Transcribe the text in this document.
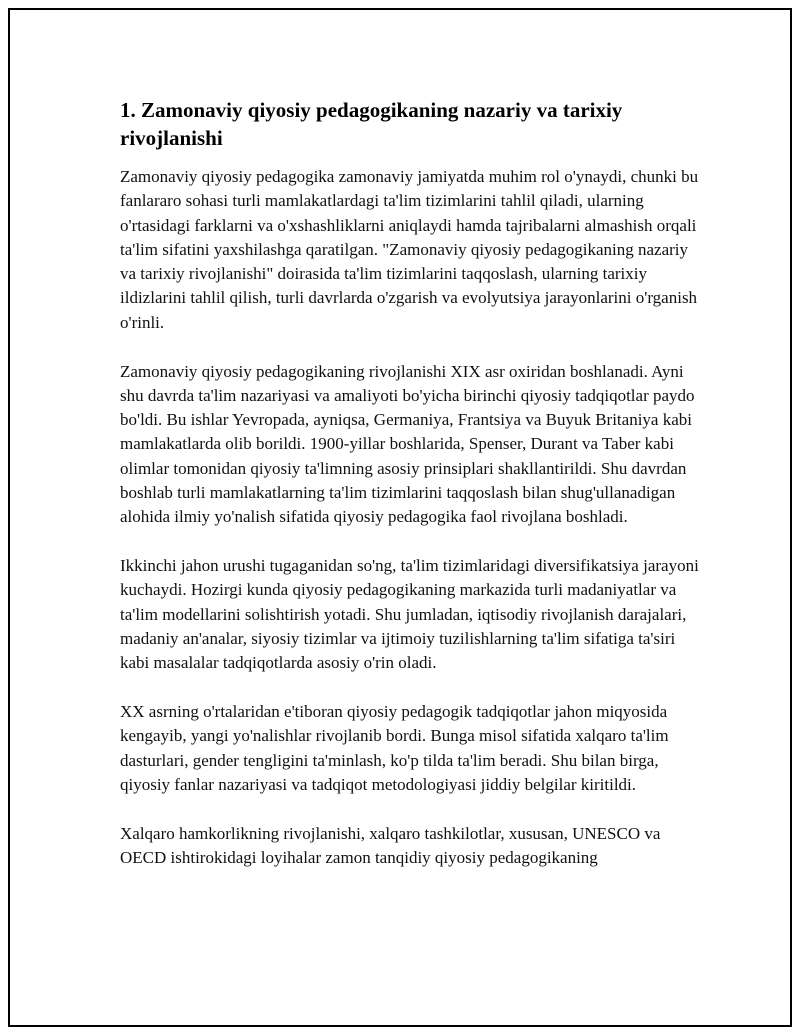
1. Zamonaviy qiyosiy pedagogikaning nazariy va tarixiy rivojlanishi

Zamonaviy qiyosiy pedagogika zamonaviy jamiyatda muhim rol o'ynaydi, chunki bu fanlararo sohasi turli mamlakatlardagi ta'lim tizimlarini tahlil qiladi, ularning o'rtasidagi farklarni va o'xshashliklarni aniqlaydi hamda tajribalarni almashish orqali ta'lim sifatini yaxshilashga qaratilgan. "Zamonaviy qiyosiy pedagogikaning nazariy va tarixiy rivojlanishi" doirasida ta'lim tizimlarini taqqoslash, ularning tarixiy ildizlarini tahlil qilish, turli davrlarda o'zgarish va evolyutsiya jarayonlarini o'rganish o'rinli.

Zamonaviy qiyosiy pedagogikaning rivojlanishi XIX asr oxiridan boshlanadi. Ayni shu davrda ta'lim nazariyasi va amaliyoti bo'yicha birinchi qiyosiy tadqiqotlar paydo bo'ldi. Bu ishlar Yevropada, ayniqsa, Germaniya, Frantsiya va Buyuk Britaniya kabi mamlakatlarda olib borildi. 1900-yillar boshlarida, Spenser, Durant va Taber kabi olimlar tomonidan qiyosiy ta'limning asosiy prinsiplari shakllantirildi. Shu davrdan boshlab turli mamlakatlarning ta'lim tizimlarini taqqoslash bilan shug'ullanadigan alohida ilmiy yo'nalish sifatida qiyosiy pedagogika faol rivojlana boshladi.

Ikkinchi jahon urushi tugaganidan so'ng, ta'lim tizimlaridagi diversifikatsiya jarayoni kuchaydi. Hozirgi kunda qiyosiy pedagogikaning markazida turli madaniyatlar va ta'lim modellarini solishtirish yotadi. Shu jumladan, iqtisodiy rivojlanish darajalari, madaniy an'analar, siyosiy tizimlar va ijtimoiy tuzilishlarning ta'lim sifatiga ta'siri kabi masalalar tadqiqotlarda asosiy o'rin oladi.

XX asrning o'rtalaridan e'tiboran qiyosiy pedagogik tadqiqotlar jahon miqyosida kengayib, yangi yo'nalishlar rivojlanib bordi. Bunga misol sifatida xalqaro ta'lim dasturlari, gender tengligini ta'minlash, ko'p tilda ta'lim beradi. Shu bilan birga, qiyosiy fanlar nazariyasi va tadqiqot metodologiyasi jiddiy belgilar kiritildi.

Xalqaro hamkorlikning rivojlanishi, xalqaro tashkilotlar, xususan, UNESCO va OECD ishtirokidagi loyihalar zamon tanqidiy qiyosiy pedagogikaning
